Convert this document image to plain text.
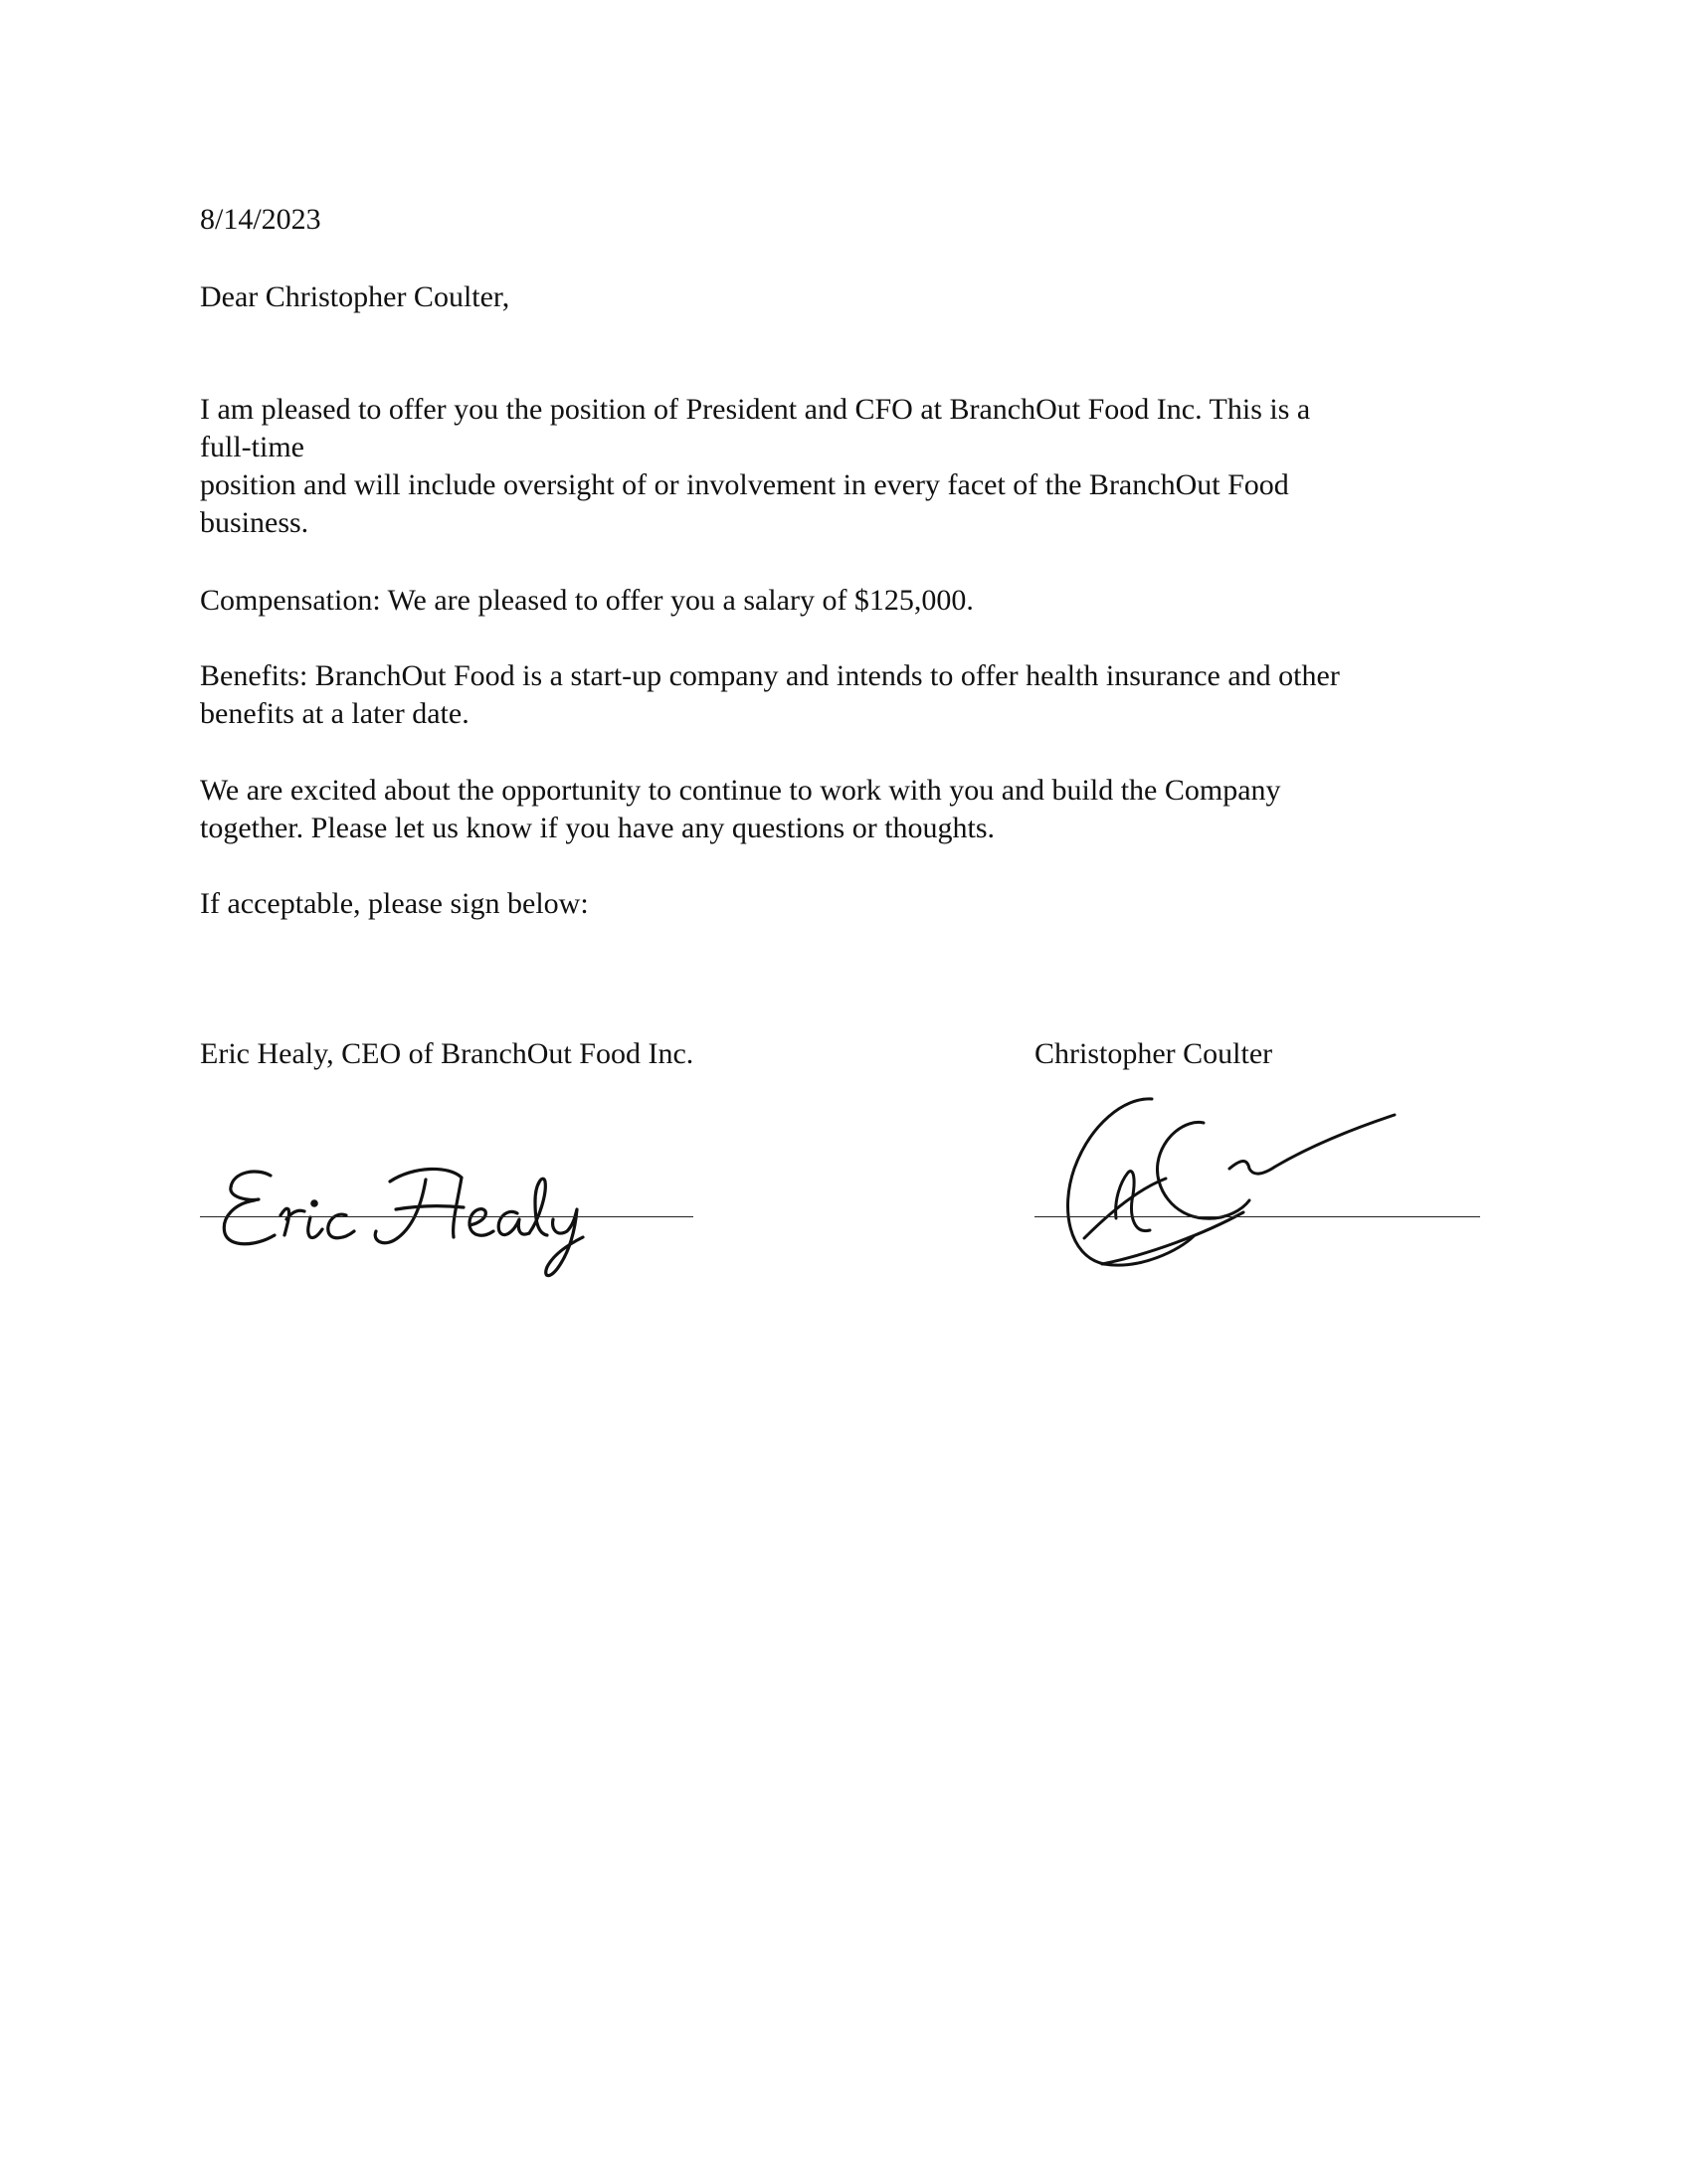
8/14/2023

Dear Christopher Coulter,

I am pleased to offer you the position of President and CFO at BranchOut Food Inc. This is a

full-time

position and will include oversight of or involvement in every facet of the BranchOut Food

business.

Compensation: We are pleased to offer you a salary of $125,000.

Benefits: BranchOut Food is a start-up company and intends to offer health insurance and other

benefits at a later date.

We are excited about the opportunity to continue to work with you and build the Company

together. Please let us know if you have any questions or thoughts.

If acceptable, please sign below:

Eric Healy, CEO of BranchOut Food Inc.	Christopher Coulter
